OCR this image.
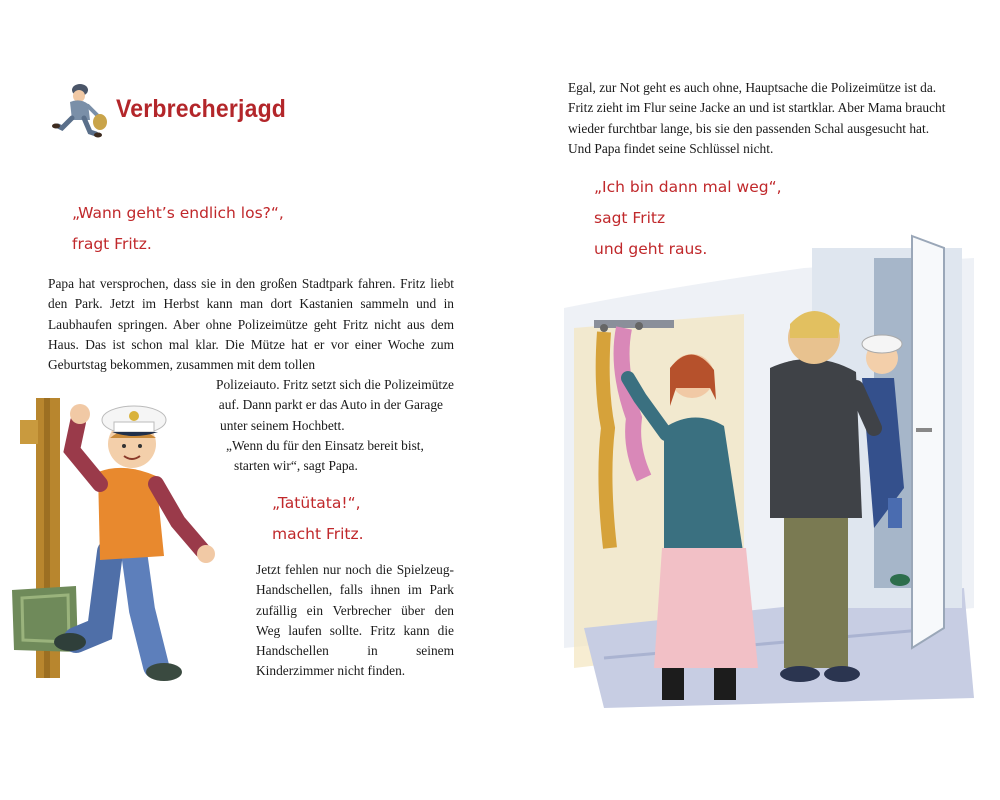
Verbrecherjagd
„Wann geht’s endlich los?“,
fragt Fritz.
Papa hat versprochen, dass sie in den großen Stadtpark fahren. Fritz liebt den Park. Jetzt im Herbst kann man dort Kastanien sammeln und in Laubhaufen springen. Aber ohne Polizeimütze geht Fritz nicht aus dem Haus. Das ist schon mal klar. Die Mütze hat er vor einer Woche zum Geburtstag bekommen, zusammen mit dem tollen
Polizeiauto. Fritz setzt sich die Polizeimütze
auf. Dann parkt er das Auto in der Garage
unter seinem Hochbett.
„Wenn du für den Einsatz bereit bist,
starten wir“, sagt Papa.
„Tatütata!“,
macht Fritz.
Jetzt fehlen nur noch die Spielzeug-Handschellen, falls ihnen im Park zufällig ein Verbrecher über den Weg laufen sollte. Fritz kann die Handschellen in seinem Kinderzimmer nicht finden.
Egal, zur Not geht es auch ohne, Hauptsache die Polizeimütze ist da.
Fritz zieht im Flur seine Jacke an und ist startklar. Aber Mama braucht
wieder furchtbar lange, bis sie den passenden Schal ausgesucht hat.
Und Papa findet seine Schlüssel nicht.
„Ich bin dann mal weg“,
sagt Fritz
und geht raus.
